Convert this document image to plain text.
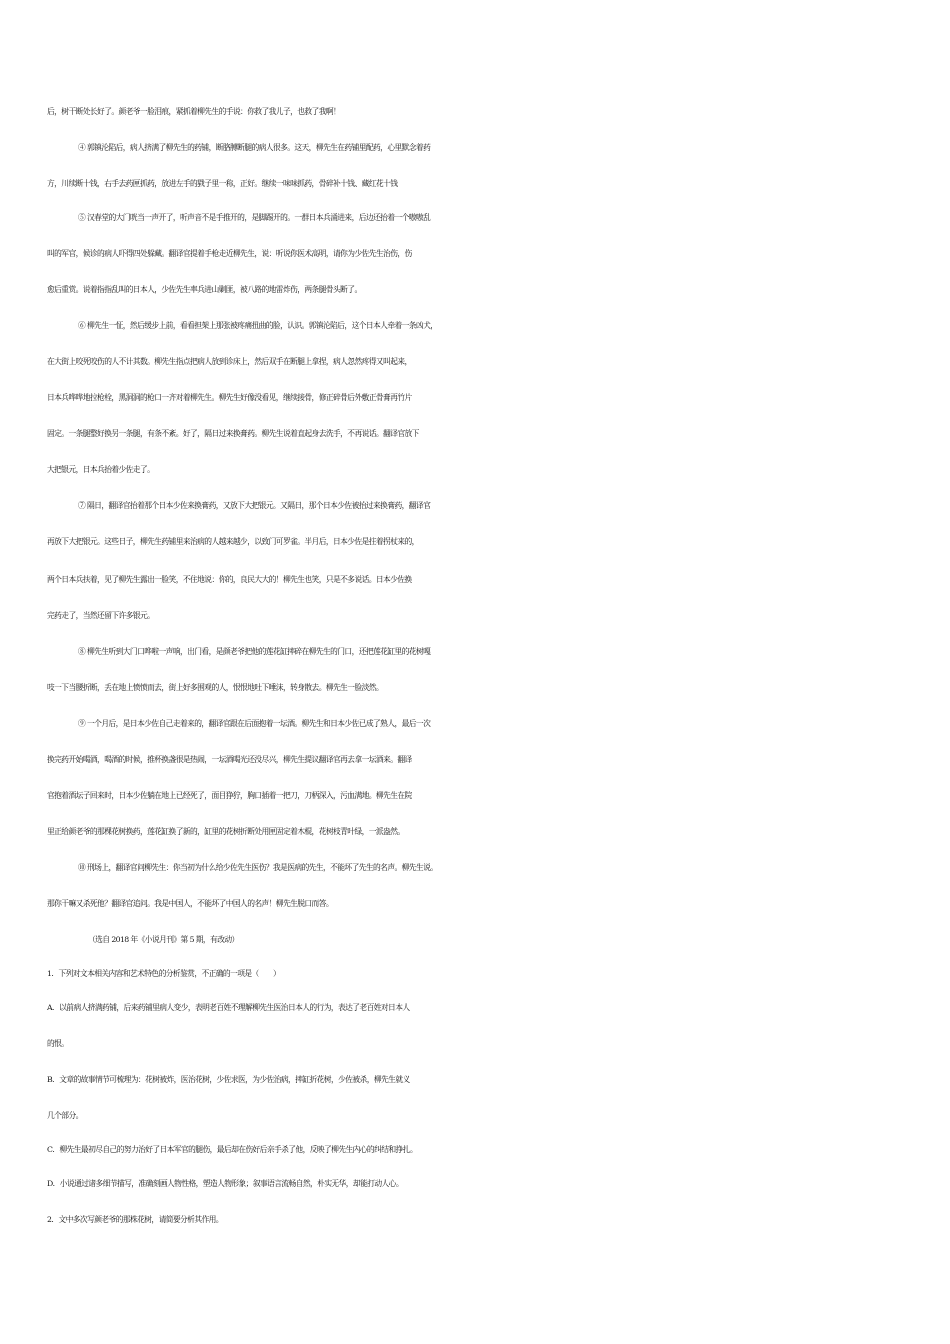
后，树干断处长好了。颜老爷一脸泪痕，紧抓着柳先生的手说：你救了我儿子，也救了我啊！
④ 郭镇沦陷后，病人挤满了柳先生的药铺，断胳膊断腿的病人很多。这天，柳先生在药铺里配药，心里默念着药
方，川续断十钱，右手去药匣抓药，放进左手的戥子里一称，正好。继续一味味抓药，骨碎补十钱、藏红花十钱
⑤ 汉春堂的大门咣当一声开了，听声音不是手推开的，是脚踢开的。一群日本兵涌进来，后边还抬着一个嗷嗷乱
叫的军官，候诊的病人吓得四处躲藏。翻译官提着手枪走近柳先生，说：听说你医术高明，请你为少佐先生治伤，伤
愈后重赏。说着指指乱叫的日本人，少佐先生率兵进山剿匪，被八路的地雷炸伤，两条腿骨头断了。
⑥ 柳先生一怔，然后缓步上前，看看担架上那张被疼痛扭曲的脸，认识。郭镇沦陷后，这个日本人牵着一条凶犬，
在大街上咬死咬伤的人不计其数。柳先生指点把病人放到诊床上，然后双手在断腿上拿捏，病人忽然疼得又叫起来，
日本兵哗哗地拉枪栓，黑洞洞的枪口一齐对着柳先生。柳先生好像没看见，继续接骨，修正碎骨后外敷正骨膏再竹片
固定。一条腿整好换另一条腿，有条不紊。好了，隔日过来换膏药。柳先生说着直起身去洗手，不再说话。翻译官放下
大把银元，日本兵抬着少佐走了。
⑦ 隔日，翻译官抬着那个日本少佐来换膏药，又放下大把银元。又隔日，那个日本少佐被抬过来换膏药，翻译官
再放下大把银元。这些日子，柳先生药铺里来治病的人越来越少，以致门可罗雀。半月后，日本少佐是拄着拐杖来的，
两个日本兵扶着，见了柳先生露出一脸笑，不住地说：你的，良民大大的！柳先生也笑，只是不多说话。日本少佐换
完药走了，当然还留下许多银元。
⑧ 柳先生听到大门口哗啦一声响，出门看，是颜老爷把他的莲花缸摔碎在柳先生的门口，还把莲花缸里的花树嘎
吱一下当腰折断，丢在地上愤愤而去，街上好多围观的人，恨恨地吐下唾沫，转身散去。柳先生一脸淡然。
⑨ 一个月后，是日本少佐自己走着来的，翻译官跟在后面抱着一坛酒。柳先生和日本少佐已成了熟人，最后一次
换完药开始喝酒，喝酒的时候，推杯换盏很是热闹，一坛酒喝光还没尽兴，柳先生提议翻译官再去拿一坛酒来。翻译
官抱着酒坛子回来时，日本少佐躺在地上已经死了，面目狰狞，胸口插着一把刀，刀柄深入，污血满地。柳先生在院
里正给颜老爷的那棵花树换药，莲花缸换了新的，缸里的花树折断处用匣固定着木棍，花树枝青叶绿，一派盎然。
⑩ 刑场上，翻译官问柳先生：你当初为什么给少佐先生医伤？我是医病的先生，不能坏了先生的名声。柳先生说。
那你干嘛又杀死他？翻译官追问。我是中国人，不能坏了中国人的名声！柳先生脱口而答。
（选自 2018 年《小说月刊》第 5 期，有改动）
1．下列对文本相关内容和艺术特色的分析鉴赏，不正确的一项是（　　）
A．以前病人挤满药铺，后来药铺里病人变少，表明老百姓不理解柳先生医治日本人的行为，表达了老百姓对日本人
的恨。
B．文章的故事情节可梳理为：花树被炸，医治花树，少佐求医，为少佐治病，摔缸折花树，少佐被杀，柳先生就义
几个部分。
C．柳先生最初尽自己的努力治好了日本军官的腿伤，最后却在伤好后亲手杀了他，反映了柳先生内心的纠结和挣扎。
D．小说通过诸多细节描写，准确刻画人物性格，塑造人物形象；叙事语言流畅自然，朴实无华，却能打动人心。
2．文中多次写颜老爷的那株花树，请简要分析其作用。
